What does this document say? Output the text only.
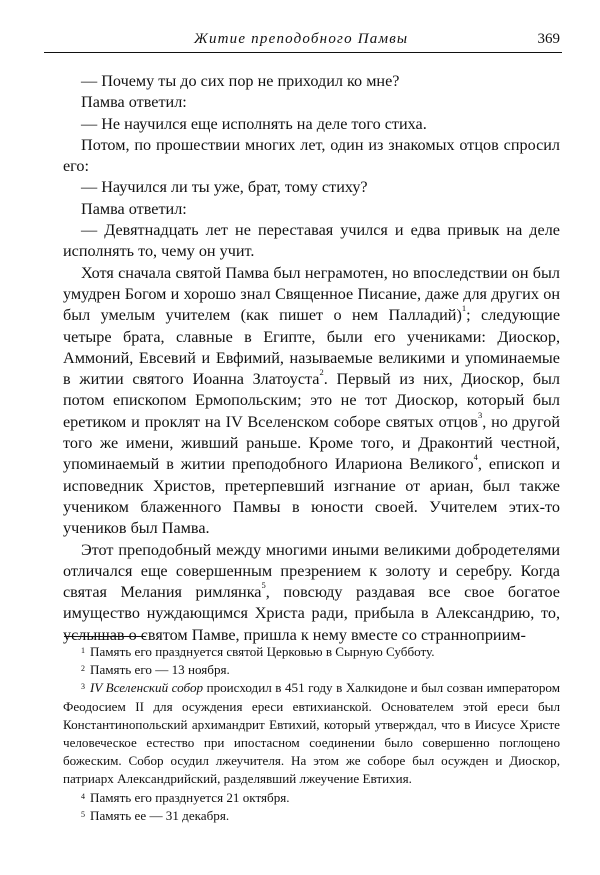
Житие преподобного Памвы	369

— Почему ты до сих пор не приходил ко мне?

Памва ответил:

— Не научился еще исполнять на деле того стиха.

Потом, по прошествии многих лет, один из знакомых отцов спросил его:

— Научился ли ты уже, брат, тому стиху?

Памва ответил:

— Девятнадцать лет не переставая учился и едва привык на деле исполнять то, чему он учит.

Хотя сначала святой Памва был неграмотен, но впоследствии он был умудрен Богом и хорошо знал Священное Писание, даже для других он был умелым учителем (как пишет о нем Палладий)$^1$; следующие четыре брата, славные в Египте, были его учениками: Диоскор, Аммоний, Евсевий и Евфимий, называемые великими и упоминаемые в житии святого Иоанна Златоуста$^2$. Первый из них, Диоскор, был потом епископом Ермопольским; это не тот Диоскор, который был еретиком и проклят на IV Вселенском соборе святых отцов$^3$, но другой того же имени, живший раньше. Кроме того, и Драконтий честной, упоминаемый в житии преподобного Илариона Великого$^4$, епископ и исповедник Христов, претерпевший изгнание от ариан, был также учеником блаженного Памвы в юности своей. Учителем этих-то учеников был Памва.

Этот преподобный между многими иными великими добродетелями отличался еще совершенным презрением к золоту и серебру. Когда святая Мелания римлянка$^5$, повсюду раздавая все свое богатое имущество нуждающимся Христа ради, прибыла в Александрию, то, услышав о святом Памве, пришла к нему вместе со странноприим-

$^1$ Память его празднуется святой Церковью в Сырную Субботу.

$^2$ Память его — 13 ноября.

$^3$ IV Вселенский собор происходил в 451 году в Халкидоне и был созван императором Феодосием II для осуждения ереси евтихианской. Основателем этой ереси был Константинопольский архимандрит Евтихий, который утверждал, что в Иисусе Христе человеческое естество при ипостасном соединении было совершенно поглощено божеским. Собор осудил лжеучителя. На этом же соборе был осужден и Диоскор, патриарх Александрийский, разделявший лжеучение Евтихия.

$^4$ Память его празднуется 21 октября.

$^5$ Память ее — 31 декабря.
